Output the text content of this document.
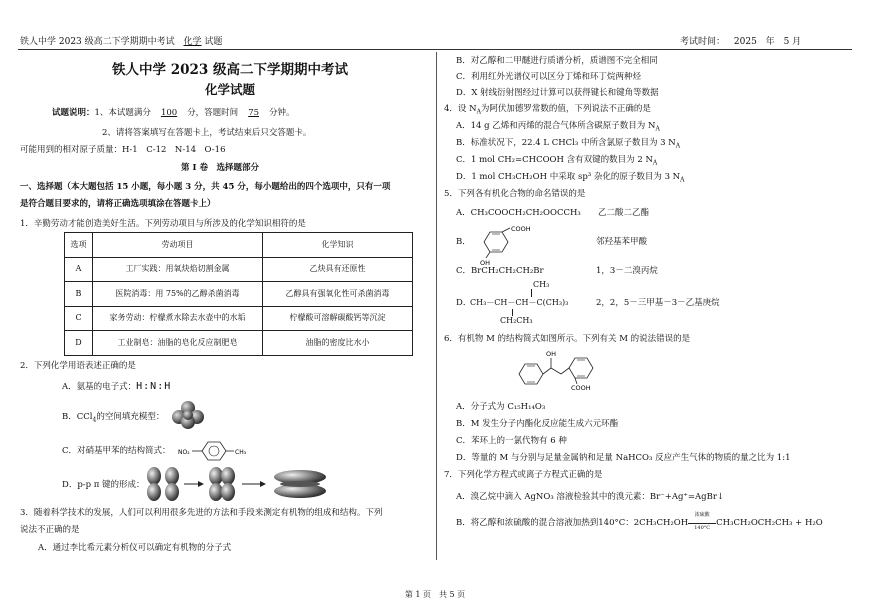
铁人中学 2023 级高二下学期期中考试 化学 试题	考试时间： 2025 年 5 月
铁人中学 2023 级高二下学期期中考试
化学试题
试题说明：1、本试题满分 100 分，答题时间 75 分钟。
2、请将答案填写在答题卡上，考试结束后只交答题卡。
可能用到的相对原子质量：H-1　C-12　N-14　O-16
第 I 卷　选择题部分
一、选择题（本大题包括 15 小题，每小题 3 分，共 45 分，每小题给出的四个选项中，只有一项
是符合题目要求的，请将正确选项填涂在答题卡上）
1．辛勤劳动才能创造美好生活。下列劳动项目与所涉及的化学知识相符的是
选项	劳动项目	化学知识
A	工厂实践：用氧炔焰切割金属	乙炔具有还原性
B	医院消毒：用 75%的乙醇杀菌消毒	乙醇具有强氧化性可杀菌消毒
C	家务劳动：柠檬煮水除去水壶中的水垢	柠檬酸可溶解碳酸钙等沉淀
D	工业制皂：油脂的皂化反应制肥皂	油脂的密度比水小
2．下列化学用语表述正确的是
A．氨基的电子式：H:N:H
B．CCl$_4$的空间填充模型：
C．对硝基甲苯的结构简式： NO₂	CH₃
D．p-p π 键的形成：
3．随着科学技术的发展，人们可以利用很多先进的方法和手段来测定有机物的组成和结构。下列
说法不正确的是
A．通过李比希元素分析仪可以确定有机物的分子式
B．对乙醇和二甲醚进行质谱分析，质谱图不完全相同
C．利用红外光谱仪可以区分丁烯和环丁烷两种烃
D．X 射线衍射图经过计算可以获得键长和键角等数据
4．设 $N_A$为阿伏加德罗常数的值，下列说法不正确的是
A．14 g 乙烯和丙烯的混合气体所含碳原子数目为 $N_A$
B．标准状况下，22.4 L CHCl₃ 中所含氯原子数目为 3 $N_A$
C．1 mol CH₂=CHCOOH 含有双键的数目为 2 $N_A$
D．1 mol CH₃CH₂OH 中采取 sp³ 杂化的原子数目为 3 $N_A$
5．下列各有机化合物的命名错误的是
A．CH₃COOCH₂CH₂OOCCH₃ 乙二酸二乙酯
B．
COOH
OH
邻羟基苯甲酸
C．BrCH₂CH₂CH₂Br	1，3－二溴丙烷
D．
CH₃
CH₃－CH－CH－C(CH₃)₃
CH₂CH₃
2，2，5－三甲基－3－乙基庚烷
6．有机物 M 的结构简式如图所示。下列有关 M 的说法错误的是
OH
COOH
A．分子式为 C₁₅H₁₄O₃
B．M 发生分子内酯化反应能生成六元环酯
C．苯环上的一氯代物有 6 种
D．等量的 M 与分别与足量金属钠和足量 NaHCO₃ 反应产生气体的物质的量之比为 1:1
7．下列化学方程式或离子方程式正确的是
A．溴乙烷中滴入 AgNO₃ 溶液检验其中的溴元素：Br⁻+Ag⁺=AgBr↓
B．将乙醇和浓硫酸的混合溶液加热到140°C：2CH₃CH₂OH
浓硫酸
140°C CH₃CH₂OCH₂CH₃ + H₂O
第 1 页　共 5 页
